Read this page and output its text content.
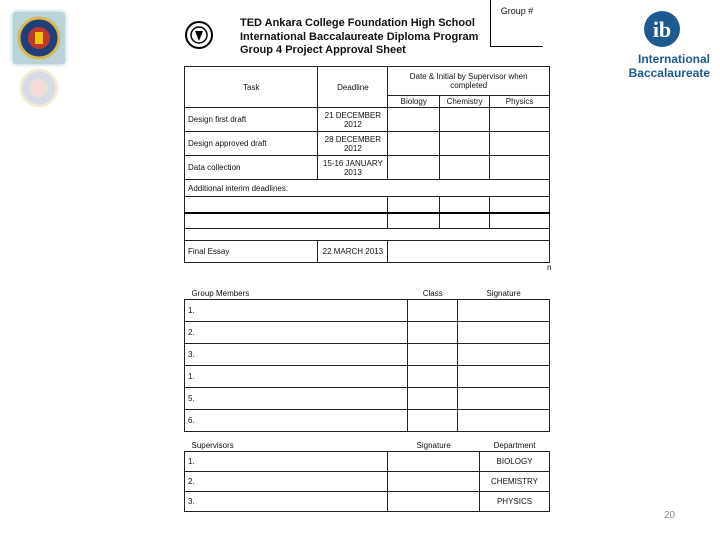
TED Ankara College Foundation High School
International Baccalaureate Diploma Program
Group 4 Project Approval Sheet
Group #
ib
International
Baccalaureate
Task	Deadline	Date & Initial by Supervisor when completed		
		Biology	Chemistry	Physics
Design first draft	21 DECEMBER 2012			
Design approved draft	28 DECEMBER 2012			
Data collection	15-16 JANUARY 2013			
Additional interim deadlines:				

Final Essay	22 MARCH 2013			
n
Group Members	Class	Signature
1.		
2.		
3.		
1.		
5.		
6.		
Supervisors	Signature	Department
1.		BIOLOGY
2.		CHEMISTRY
3.		PHYSICS
20
